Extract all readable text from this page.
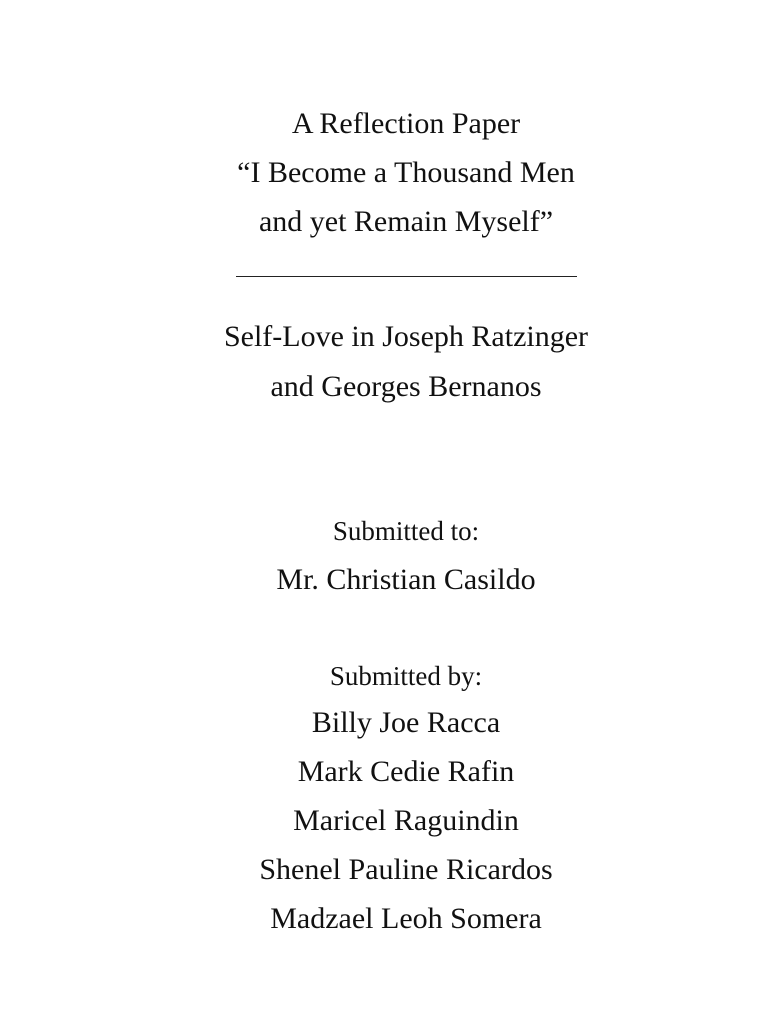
A Reflection Paper
“I Become a Thousand Men
and yet Remain Myself”
Self-Love in Joseph Ratzinger
and Georges Bernanos
Submitted to:
Mr. Christian Casildo
Submitted by:
Billy Joe Racca
Mark Cedie Rafin
Maricel Raguindin
Shenel Pauline Ricardos
Madzael Leoh Somera
